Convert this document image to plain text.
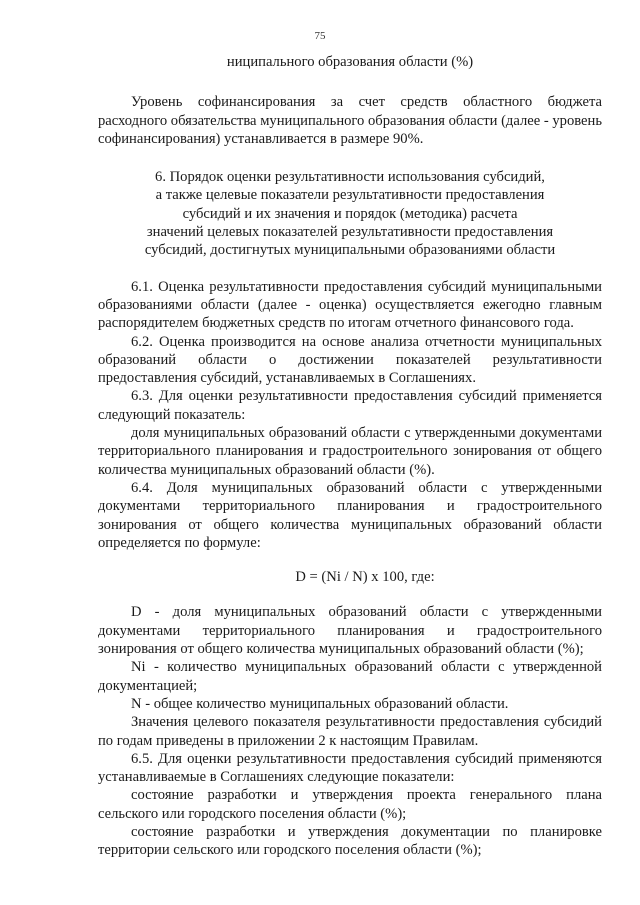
75

ниципального образования области (%)

Уровень софинансирования за счет средств областного бюджета расходного обязательства муниципального образования области (далее - уровень софинансирования) устанавливается в размере 90%.

6. Порядок оценки результативности использования субсидий,

а также целевые показатели результативности предоставления

субсидий и их значения и порядок (методика) расчета

значений целевых показателей результативности предоставления

субсидий, достигнутых муниципальными образованиями области

6.1. Оценка результативности предоставления субсидий муниципальными образованиями области (далее - оценка) осуществляется ежегодно главным распорядителем бюджетных средств по итогам отчетного финансового года.

6.2. Оценка производится на основе анализа отчетности муниципальных образований области о достижении показателей результативности предоставления субсидий, устанавливаемых в Соглашениях.

6.3. Для оценки результативности предоставления субсидий применяется следующий показатель:

доля муниципальных образований области с утвержденными документами территориального планирования и градостроительного зонирования от общего количества муниципальных образований области (%).

6.4. Доля муниципальных образований области с утвержденными документами территориального планирования и градостроительного зонирования от общего количества муниципальных образований области определяется по формуле:

D = (Ni / N) x 100, где:

D - доля муниципальных образований области с утвержденными документами территориального планирования и градостроительного зонирования от общего количества муниципальных образований области (%);

Ni - количество муниципальных образований области с утвержденной документацией;

N - общее количество муниципальных образований области.

Значения целевого показателя результативности предоставления субсидий по годам приведены в приложении 2 к настоящим Правилам.

6.5. Для оценки результативности предоставления субсидий применяются устанавливаемые в Соглашениях следующие показатели:

состояние разработки и утверждения проекта генерального плана сельского или городского поселения области (%);

состояние разработки и утверждения документации по планировке территории сельского или городского поселения области (%);
